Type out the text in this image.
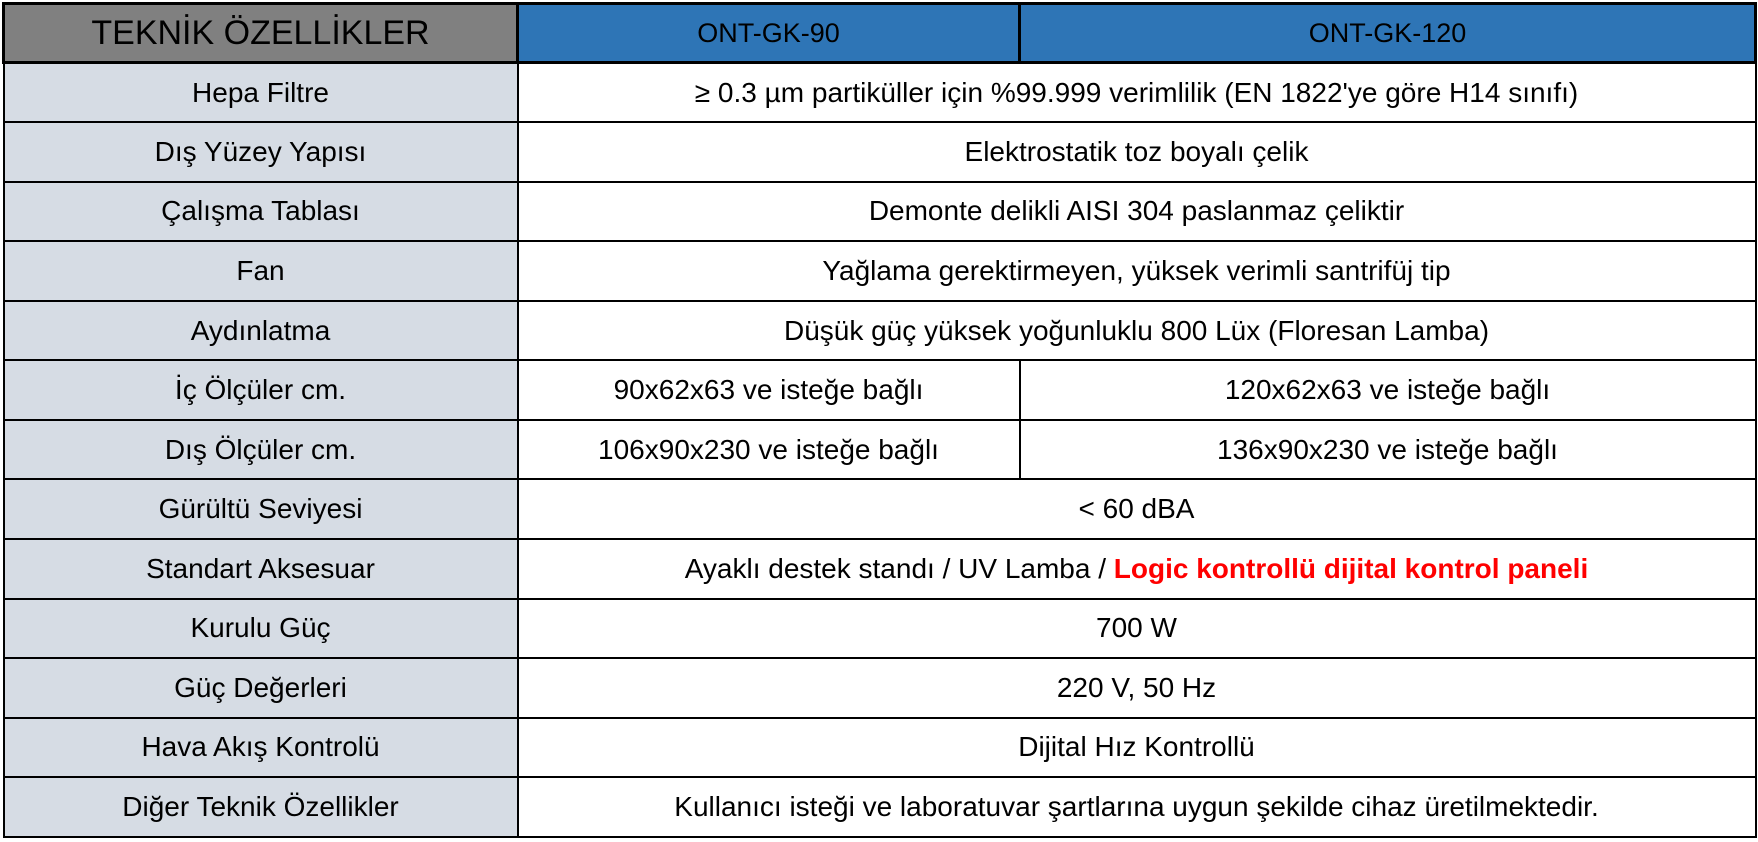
TEKNİK ÖZELLİKLER	ONT-GK-90	ONT-GK-120
Hepa Filtre	≥ 0.3 µm partiküller için %99.999 verimlilik (EN 1822'ye göre H14 sınıfı)	
Dış Yüzey Yapısı	Elektrostatik toz boyalı çelik	
Çalışma Tablası	Demonte delikli AISI 304 paslanmaz çeliktir	
Fan	Yağlama gerektirmeyen, yüksek verimli santrifüj tip	
Aydınlatma	Düşük güç yüksek yoğunluklu 800 Lüx (Floresan Lamba)	
İç Ölçüler cm.	90x62x63 ve isteğe bağlı	120x62x63 ve isteğe bağlı
Dış Ölçüler cm.	106x90x230 ve isteğe bağlı	136x90x230 ve isteğe bağlı
Gürültü Seviyesi	< 60 dBA	
Standart Aksesuar	Ayaklı destek standı / UV Lamba / Logic kontrollü dijital kontrol paneli	
Kurulu Güç	700 W	
Güç Değerleri	220 V, 50 Hz	
Hava Akış Kontrolü	Dijital Hız Kontrollü	
Diğer Teknik Özellikler	Kullanıcı isteği ve laboratuvar şartlarına uygun şekilde cihaz üretilmektedir.	
